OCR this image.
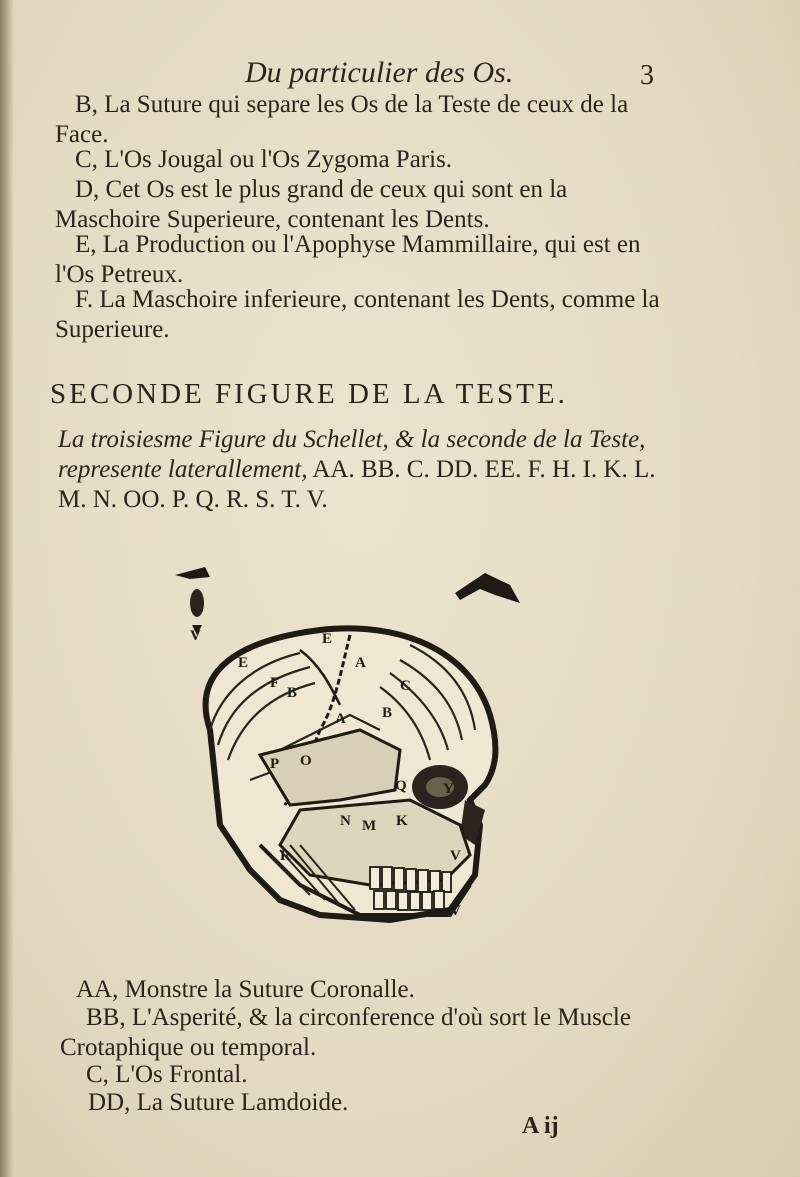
Du particulier des Os.	3
B, La Suture qui separe les Os de la Teste de ceux de la Face.
C, L'Os Jougal ou l'Os Zygoma Paris.
D, Cet Os est le plus grand de ceux qui sont en la Maschoire Superieure, contenant les Dents.
E, La Production ou l'Apophyse Mammillaire, qui est en l'Os Petreux.
F. La Maschoire inferieure, contenant les Dents, comme la Superieure.
SECONDE FIGURE DE LA TESTE.
La troisiesme Figure du Schellet, & la seconde de la Teste, represente laterallement, AA. BB. C. DD. EE. F. H. I. K. L. M. N. OO. P. Q. R. S. T. V.
A
A
B
B
C
E
E
F
P O
Q Y
N M K
V
V
V
R
AA, Monstre la Suture Coronalle.
BB, L'Asperité, & la circonference d'où sort le Muscle Crotaphique ou temporal.
C, L'Os Frontal.
DD, La Suture Lamdoide.
A ij
